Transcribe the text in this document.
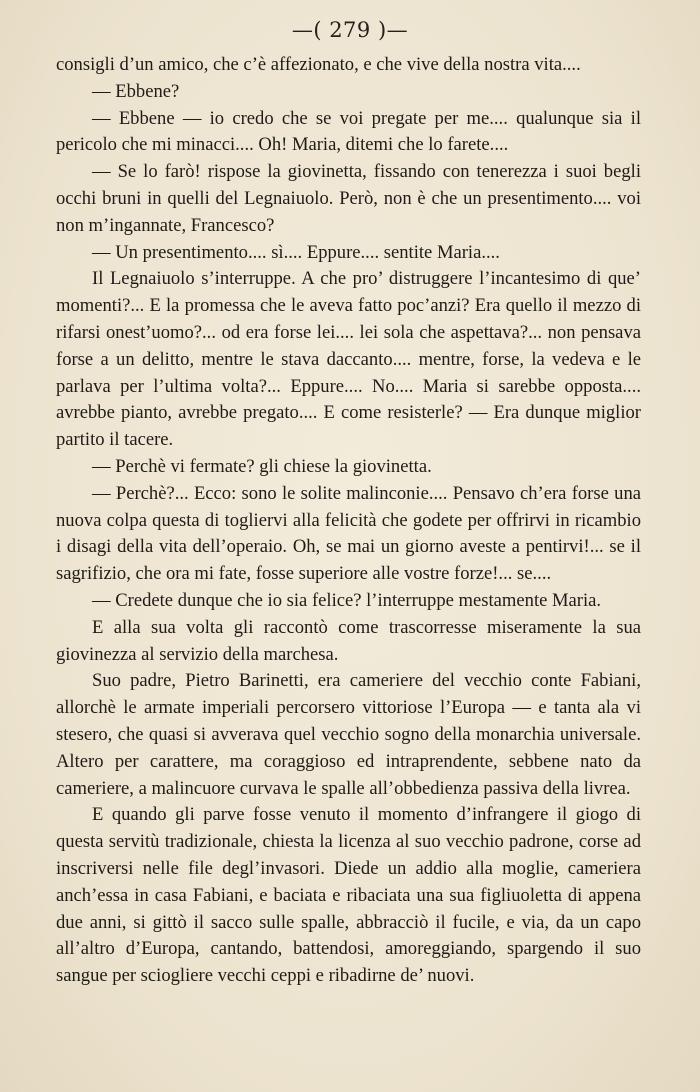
—( 279 )—

consigli d’un amico, che c’è affezionato, e che vive della nostra vita....

— Ebbene?

— Ebbene — io credo che se voi pregate per me.... qualunque sia il pericolo che mi minacci.... Oh! Maria, ditemi che lo farete....

— Se lo farò! rispose la giovinetta, fissando con tenerezza i suoi begli occhi bruni in quelli del Legnaiuolo. Però, non è che un presentimento.... voi non m’ingannate, Francesco?

— Un presentimento.... sì.... Eppure.... sentite Maria....

Il Legnaiuolo s’interruppe. A che pro’ distruggere l’incantesimo di que’ momenti?... E la promessa che le aveva fatto poc’anzi? Era quello il mezzo di rifarsi onest’uomo?... od era forse lei.... lei sola che aspettava?... non pensava forse a un delitto, mentre le stava daccanto.... mentre, forse, la vedeva e le parlava per l’ultima volta?... Eppure.... No.... Maria si sarebbe opposta.... avrebbe pianto, avrebbe pregato.... E come resisterle? — Era dunque miglior partito il tacere.

— Perchè vi fermate? gli chiese la giovinetta.

— Perchè?... Ecco: sono le solite malinconie.... Pensavo ch’era forse una nuova colpa questa di togliervi alla felicità che godete per offrirvi in ricambio i disagi della vita dell’operaio. Oh, se mai un giorno aveste a pentirvi!... se il sagrifizio, che ora mi fate, fosse superiore alle vostre forze!... se....

— Credete dunque che io sia felice? l’interruppe mestamente Maria.

E alla sua volta gli raccontò come trascorresse miseramente la sua giovinezza al servizio della marchesa.

Suo padre, Pietro Barinetti, era cameriere del vecchio conte Fabiani, allorchè le armate imperiali percorsero vittoriose l’Europa — e tanta ala vi stesero, che quasi si avverava quel vecchio sogno della monarchia universale. Altero per carattere, ma coraggioso ed intraprendente, sebbene nato da cameriere, a malincuore curvava le spalle all’obbedienza passiva della livrea.

E quando gli parve fosse venuto il momento d’infrangere il giogo di questa servitù tradizionale, chiesta la licenza al suo vecchio padrone, corse ad inscriversi nelle file degl’invasori. Diede un addio alla moglie, cameriera anch’essa in casa Fabiani, e baciata e ribaciata una sua figliuoletta di appena due anni, si gittò il sacco sulle spalle, abbracciò il fucile, e via, da un capo all’altro d’Europa, cantando, battendosi, amoreggiando, spargendo il suo sangue per sciogliere vecchi ceppi e ribadirne de’ nuovi.
